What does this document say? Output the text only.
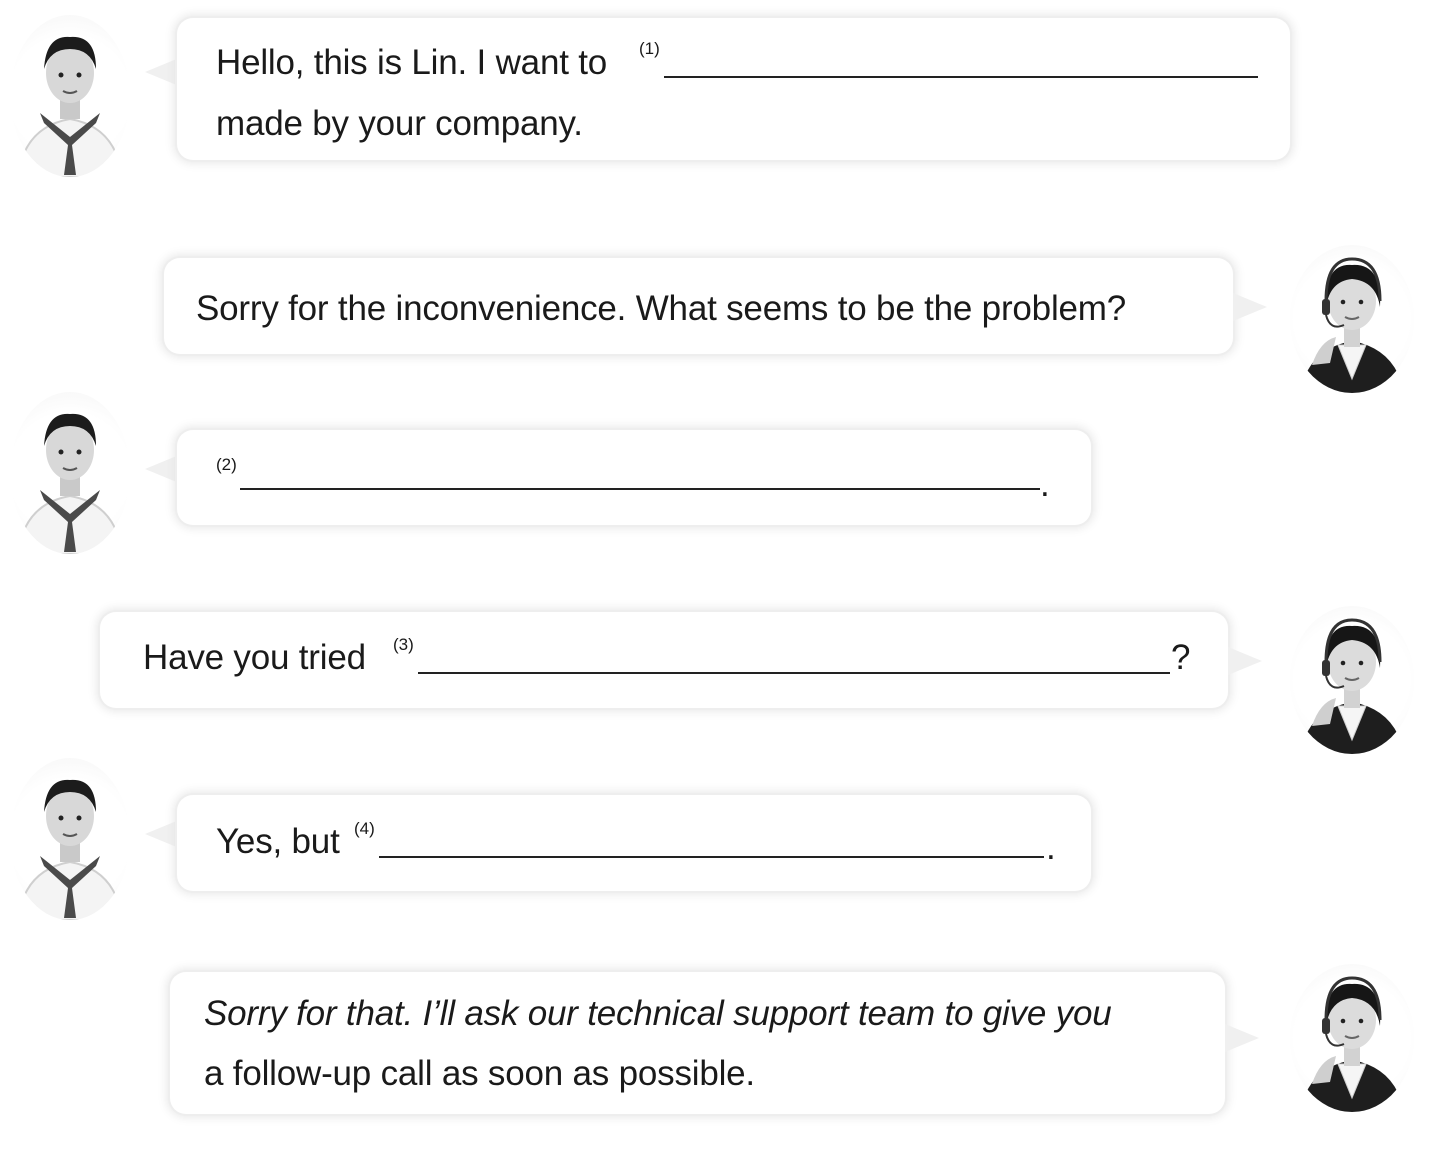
Hello, this is Lin. I want to (1)
made by your company.
Sorry for the inconvenience. What seems to be the problem?
(2)
.
Have you tried (3)	?
Yes, but (4)	.
Sorry for that. I’ll ask our technical support team to give you
a follow-up call as soon as possible.
